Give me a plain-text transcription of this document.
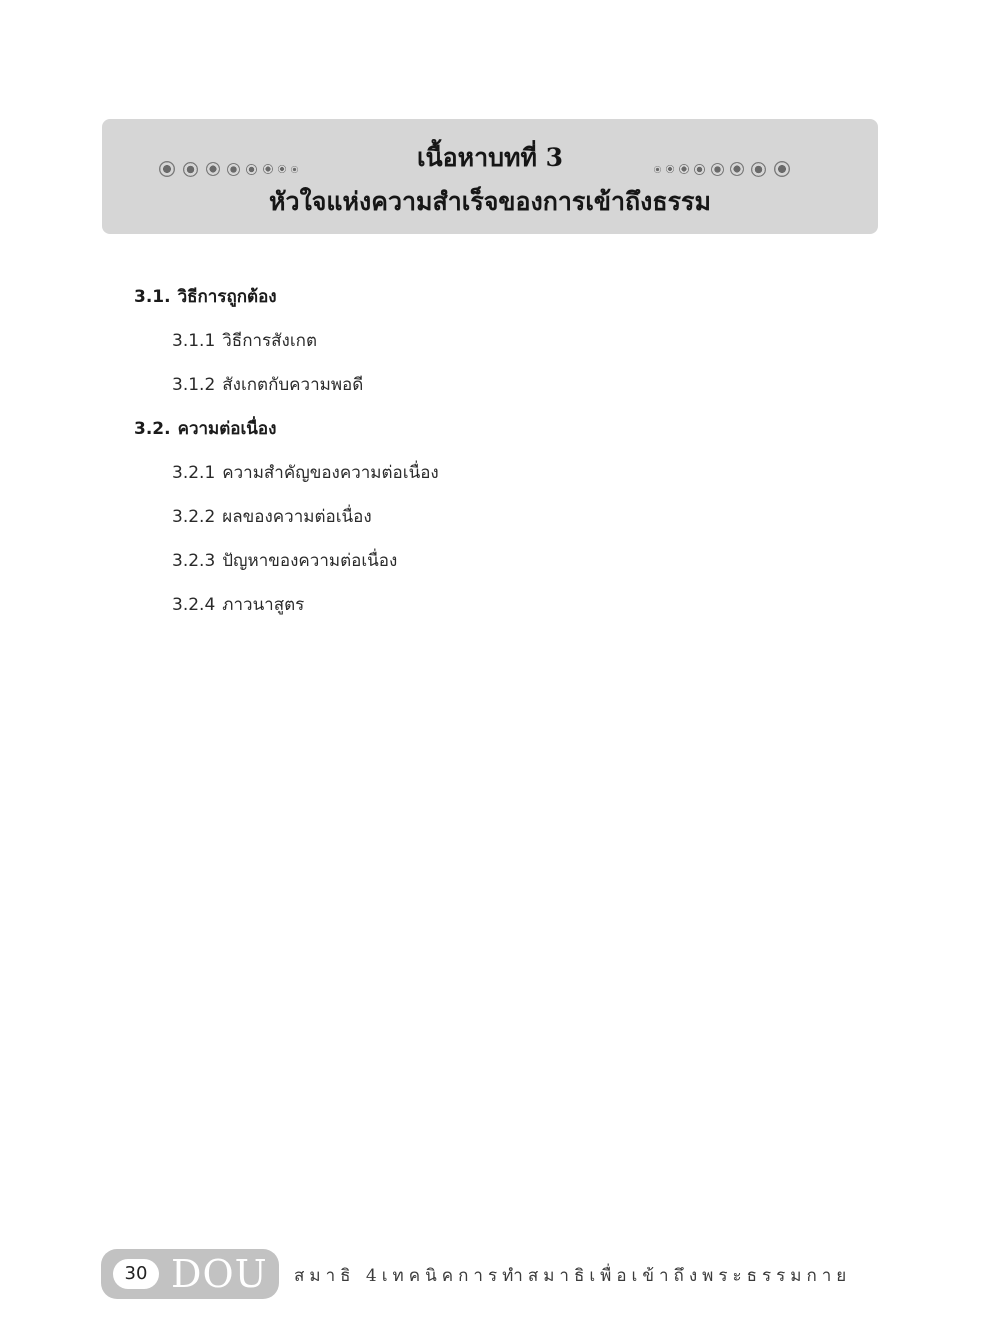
เนื้อหาบทที่ 3
หัวใจแห่งความสำเร็จของการเข้าถึงธรรม
3.1. วิธีการถูกต้อง
3.1.1 วิธีการสังเกต
3.1.2 สังเกตกับความพอดี
3.2. ความต่อเนื่อง
3.2.1 ความสำคัญของความต่อเนื่อง
3.2.2 ผลของความต่อเนื่อง
3.2.3 ปัญหาของความต่อเนื่อง
3.2.4 ภาวนาสูตร
30 DOU สมาธิ 4เทคนิคการทำสมาธิเพื่อเข้าถึงพระธรรมกาย
